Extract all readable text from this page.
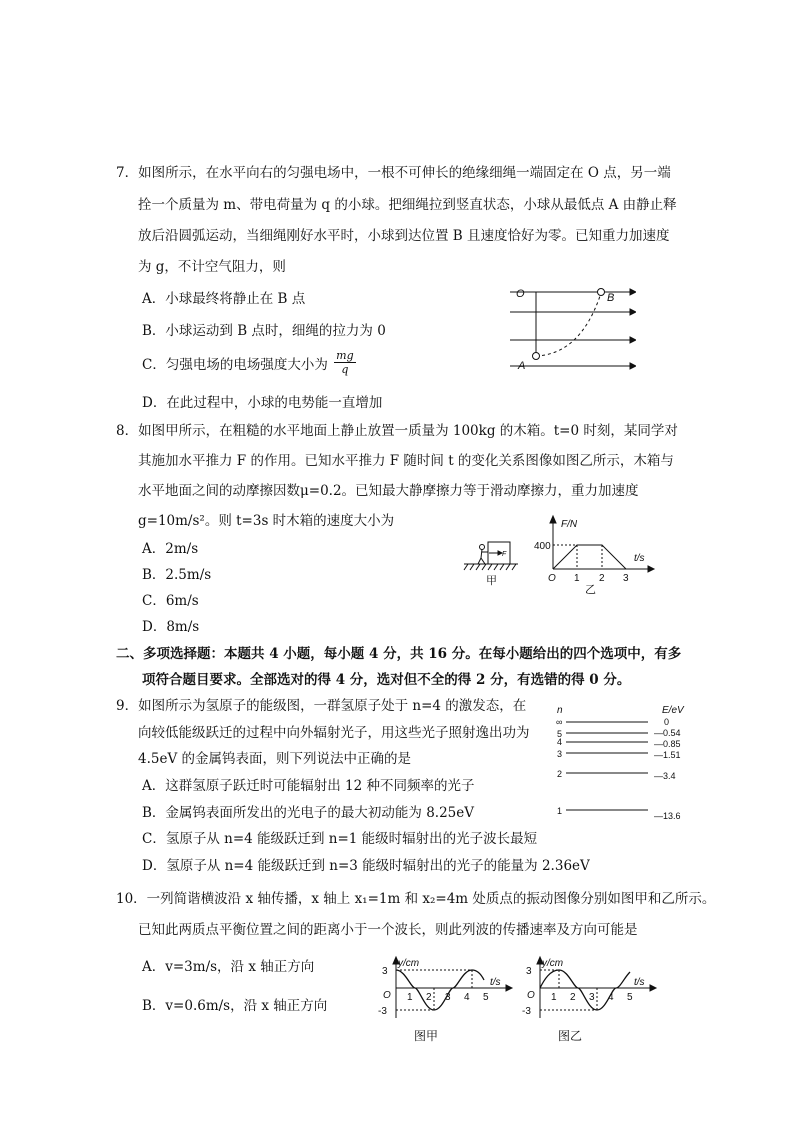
7．如图所示，在水平向右的匀强电场中，一根不可伸长的绝缘细绳一端固定在 O 点，另一端
拴一个质量为 m、带电荷量为 q 的小球。把细绳拉到竖直状态，小球从最低点 A 由静止释
放后沿圆弧运动，当细绳刚好水平时，小球到达位置 B 且速度恰好为零。已知重力加速度
为 g，不计空气阻力，则
A．小球最终将静止在 B 点
B．小球运动到 B 点时，细绳的拉力为 0
C．匀强电场的电场强度大小为 $\frac{mg}{q}$
D．在此过程中，小球的电势能一直增加
O	B
A
8．如图甲所示，在粗糙的水平地面上静止放置一质量为 100kg 的木箱。t=0 时刻，某同学对
其施加水平推力 F 的作用。已知水平推力 F 随时间 t 的变化关系图像如图乙所示，木箱与
水平地面之间的动摩擦因数μ=0.2。已知最大静摩擦力等于滑动摩擦力，重力加速度
g=10m/s²。则 t=3s 时木箱的速度大小为
A．2m/s
B．2.5m/s
C．6m/s
D．8m/s
F
甲
F/N
t/s
400
O 1 2 3
乙
二、多项选择题：本题共 4 小题，每小题 4 分，共 16 分。在每小题给出的四个选项中，有多
项符合题目要求。全部选对的得 4 分，选对但不全的得 2 分，有选错的得 0 分。
9．如图所示为氢原子的能级图，一群氢原子处于 n=4 的激发态，在
向较低能级跃迁的过程中向外辐射光子，用这些光子照射逸出功为
4.5eV 的金属钨表面，则下列说法中正确的是
A．这群氢原子跃迁时可能辐射出 12 种不同频率的光子
B．金属钨表面所发出的光电子的最大初动能为 8.25eV
C．氢原子从 n=4 能级跃迁到 n=1 能级时辐射出的光子波长最短
D．氢原子从 n=4 能级跃迁到 n=3 能级时辐射出的光子的能量为 2.36eV
n	E/eV
∞
5
4
3
2
1
0
—0.54
—0.85
—1.51
—3.4
—13.6
10．一列简谐横波沿 x 轴传播，x 轴上 x₁=1m 和 x₂=4m 处质点的振动图像分别如图甲和乙所示。
已知此两质点平衡位置之间的距离小于一个波长，则此列波的传播速率及方向可能是
A．v=3m/s，沿 x 轴正方向
B．v=0.6m/s，沿 x 轴正方向
y/cm
t/s
3
-3
O 1 2 3 4 5
图甲
y/cm
t/s
3
-3
O 1 2 3 4 5
图乙
